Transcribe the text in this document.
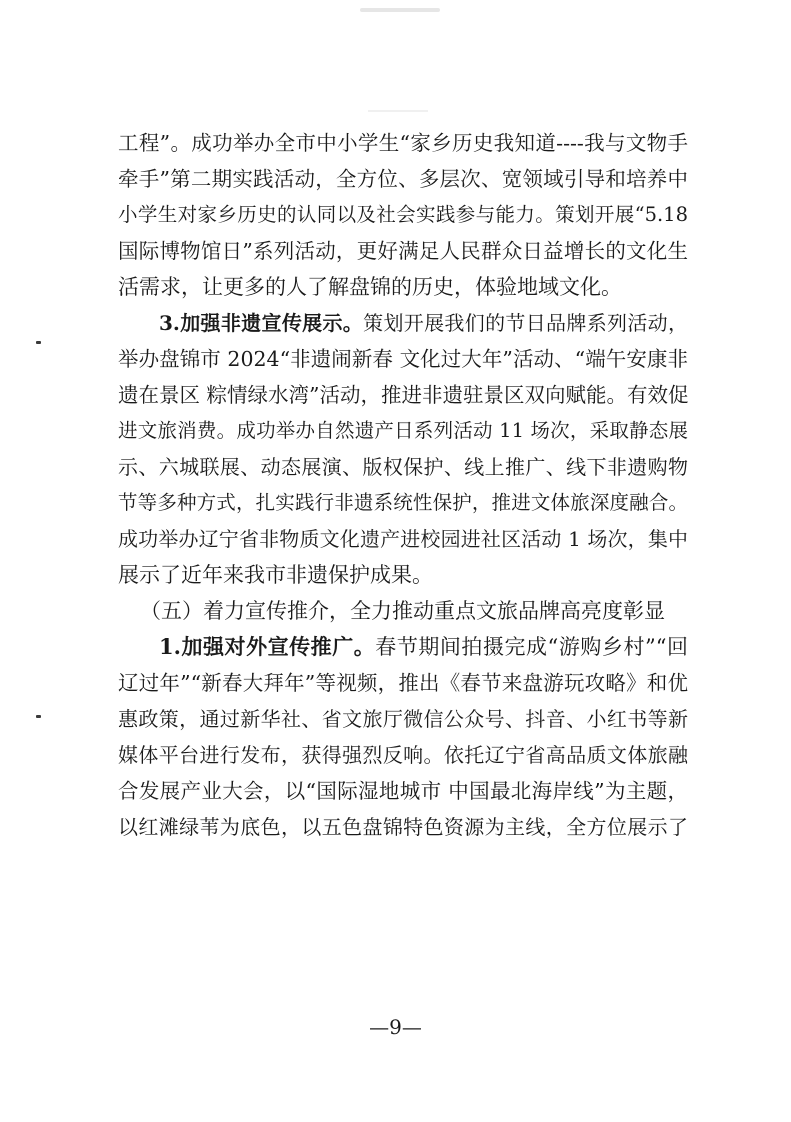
工程”。成功举办全市中小学生“家乡历史我知道----我与文物手
牵手”第二期实践活动，全方位、多层次、宽领域引导和培养中
小学生对家乡历史的认同以及社会实践参与能力。策划开展“5.18
国际博物馆日”系列活动，更好满足人民群众日益增长的文化生
活需求，让更多的人了解盘锦的历史，体验地域文化。
3.加强非遗宣传展示。策划开展我们的节日品牌系列活动，
举办盘锦市 2024“非遗闹新春 文化过大年”活动、“端午安康非
遗在景区 粽情绿水湾”活动，推进非遗驻景区双向赋能。有效促
进文旅消费。成功举办自然遗产日系列活动 11 场次，采取静态展
示、六城联展、动态展演、版权保护、线上推广、线下非遗购物
节等多种方式，扎实践行非遗系统性保护，推进文体旅深度融合。
成功举办辽宁省非物质文化遗产进校园进社区活动 1 场次，集中
展示了近年来我市非遗保护成果。
（五）着力宣传推介，全力推动重点文旅品牌高亮度彰显
1.加强对外宣传推广。春节期间拍摄完成“游购乡村”“回
辽过年”“新春大拜年”等视频，推出《春节来盘游玩攻略》和优
惠政策，通过新华社、省文旅厅微信公众号、抖音、小红书等新
媒体平台进行发布，获得强烈反响。依托辽宁省高品质文体旅融
合发展产业大会，以“国际湿地城市 中国最北海岸线”为主题，
以红滩绿苇为底色，以五色盘锦特色资源为主线，全方位展示了
—9—
